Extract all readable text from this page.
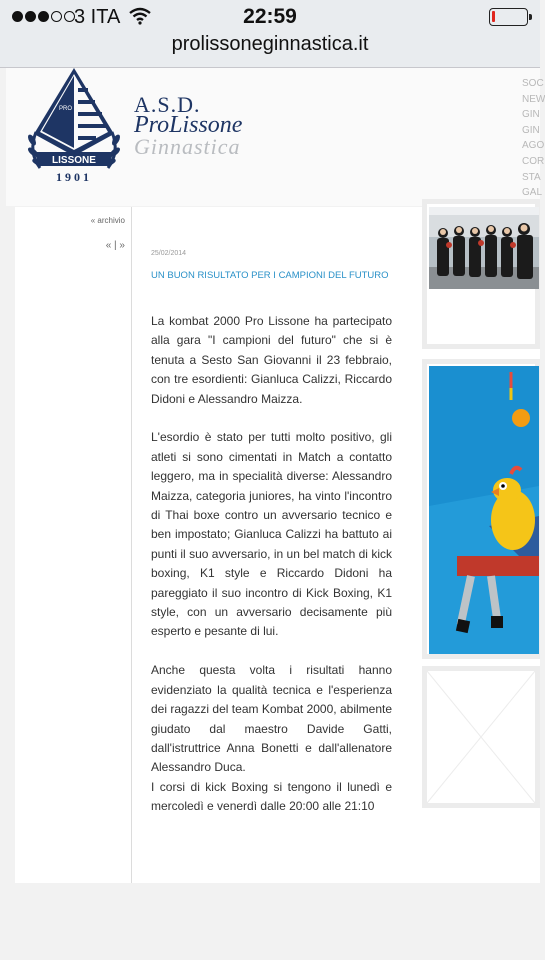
3 ITA	22:59
prolissoneginnastica.it
PRO
LISSONE
1901
A.S.D.
ProLissone
Ginnastica
SOC
NEW
GIN
GIN
AGO
COR
STA
GAL
« archivio
« | »
25/02/2014
UN BUON RISULTATO PER I CAMPIONI DEL FUTURO

La kombat 2000 Pro Lissone ha partecipato alla gara "I campioni del futuro" che si è tenuta a Sesto San Giovanni il 23 febbraio, con tre esordienti: Gianluca Calizzi, Riccardo Didoni e Alessandro Maizza.

L'esordio è stato per tutti molto positivo, gli atleti si sono cimentati in Match a contatto leggero, ma in specialità diverse: Alessandro Maizza, categoria juniores, ha vinto l'incontro di Thai boxe contro un avversario tecnico e ben impostato; Gianluca Calizzi ha battuto ai punti il suo avversario, in un bel match di kick boxing, K1 style e Riccardo Didoni ha pareggiato il suo incontro di Kick Boxing, K1 style, con un avversario decisamente più esperto e pesante di lui.

Anche questa volta i risultati hanno evidenziato la qualità tecnica e l'esperienza dei ragazzi del team Kombat 2000, abilmente giudato dal maestro Davide Gatti, dall'istruttrice Anna Bonetti e dall'allenatore Alessandro Duca.

I corsi di kick Boxing si tengono il lunedì e mercoledì e venerdì dalle 20:00 alle 21:10
